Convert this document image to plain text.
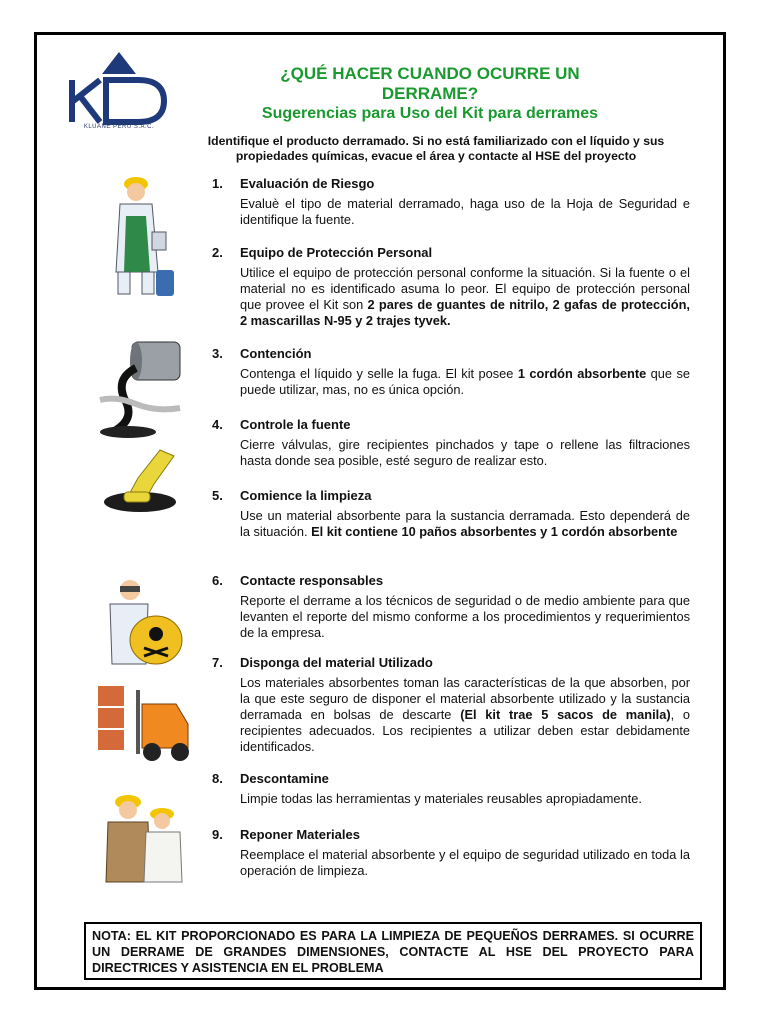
KLUANE PERÚ S.A.C.
¿QUÉ HACER CUANDO OCURRE UN
DERRAME?
Sugerencias para Uso del Kit para derrames
Identifique el producto derramado. Si no está familiarizado con el líquido y sus propiedades químicas, evacue el área y contacte al HSE del proyecto
1. Evaluación de Riesgo
Evaluè el tipo de material derramado, haga uso de la Hoja de Seguridad e identifique la fuente.
2. Equipo de Protección Personal
Utilice el equipo de protección personal conforme la situación. Si la fuente o el material no es identificado asuma lo peor. El equipo de protección personal que provee el Kit son 2 pares de guantes de nitrilo, 2 gafas de protección, 2 mascarillas N-95 y 2 trajes tyvek.
3. Contención
Contenga el líquido y selle la fuga. El kit posee 1 cordón absorbente que se puede utilizar, mas, no es única opción.
4. Controle la fuente
Cierre válvulas, gire recipientes pinchados y tape o rellene las filtraciones hasta donde sea posible, esté seguro de realizar esto.
5. Comience la limpieza
Use un material absorbente para la sustancia derramada. Esto dependerá de la situación. El kit contiene 10 paños absorbentes y 1 cordón absorbente
6. Contacte responsables
Reporte el derrame a los técnicos de seguridad o de medio ambiente para que levanten el reporte del mismo conforme a los procedimientos y requerimientos de la empresa.
7. Disponga del material Utilizado
Los materiales absorbentes toman las características de la que absorben, por la que este seguro de disponer el material absorbente utilizado y la sustancia derramada en bolsas de descarte (El kit trae 5 sacos de manila), o recipientes adecuados. Los recipientes a utilizar deben estar debidamente identificados.
8. Descontamine
Limpie todas las herramientas y materiales reusables apropiadamente.
9. Reponer Materiales
Reemplace el material absorbente y el equipo de seguridad utilizado en toda la operación de limpieza.
NOTA: EL KIT PROPORCIONADO ES PARA LA LIMPIEZA DE PEQUEÑOS DERRAMES. SI OCURRE UN DERRAME DE GRANDES DIMENSIONES, CONTACTE AL HSE DEL PROYECTO PARA DIRECTRICES Y ASISTENCIA EN EL PROBLEMA
